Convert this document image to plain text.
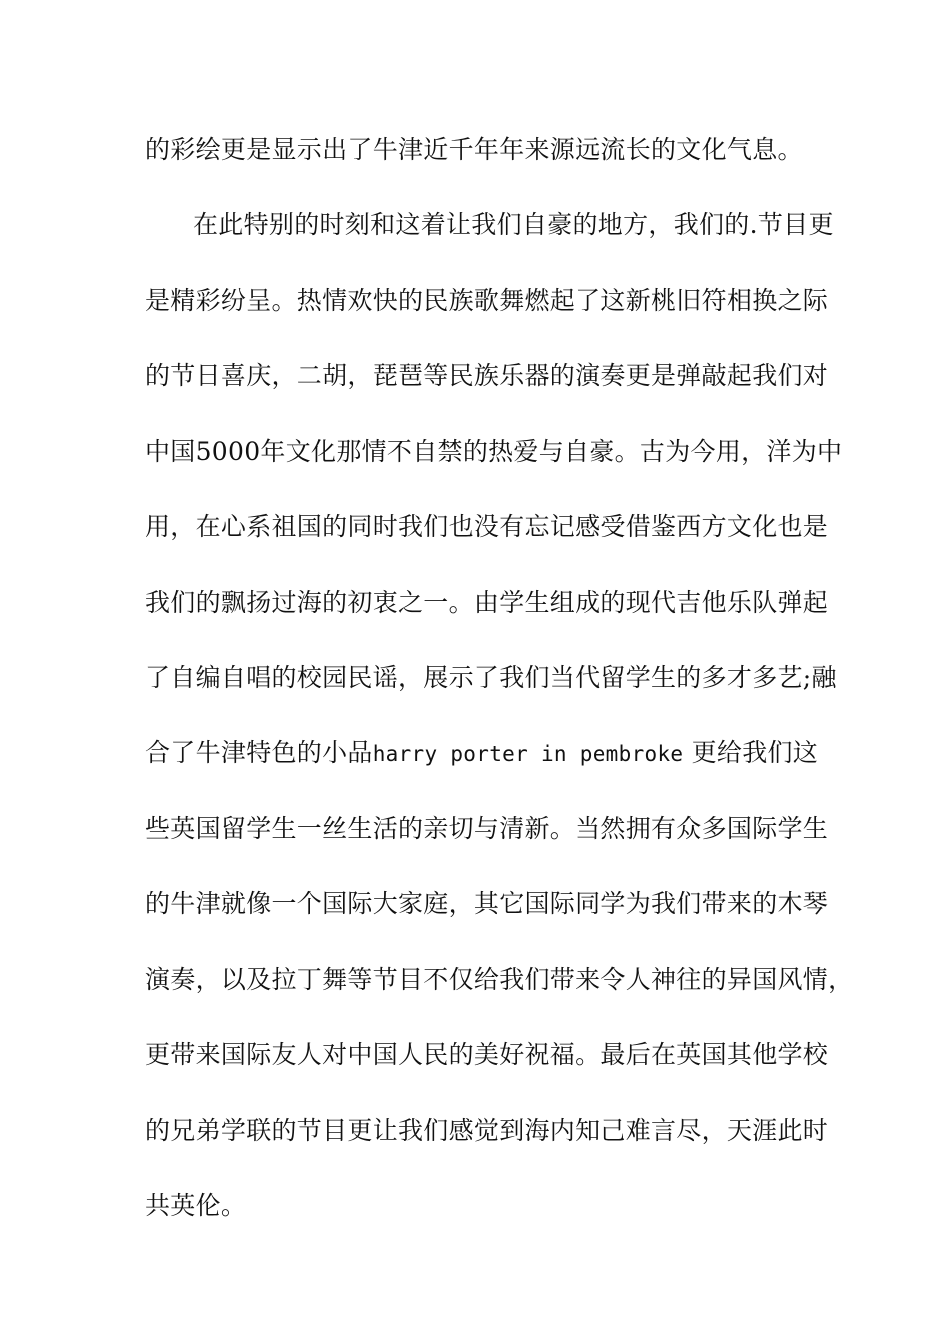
的彩绘更是显示出了牛津近千年年来源远流长的文化气息。
在此特别的时刻和这着让我们自豪的地方，我们的.节目更
是精彩纷呈。热情欢快的民族歌舞燃起了这新桃旧符相换之际
的节日喜庆，二胡，琵琶等民族乐器的演奏更是弹敲起我们对
中国5000年文化那情不自禁的热爱与自豪。古为今用，洋为中
用，在心系祖国的同时我们也没有忘记感受借鉴西方文化也是
我们的飘扬过海的初衷之一。由学生组成的现代吉他乐队弹起
了自编自唱的校园民谣，展示了我们当代留学生的多才多艺;融
合了牛津特色的小品harry porter in pembroke 更给我们这
些英国留学生一丝生活的亲切与清新。当然拥有众多国际学生
的牛津就像一个国际大家庭，其它国际同学为我们带来的木琴
演奏，以及拉丁舞等节目不仅给我们带来令人神往的异国风情，
更带来国际友人对中国人民的美好祝福。最后在英国其他学校
的兄弟学联的节目更让我们感觉到海内知己难言尽，天涯此时
共英伦。
